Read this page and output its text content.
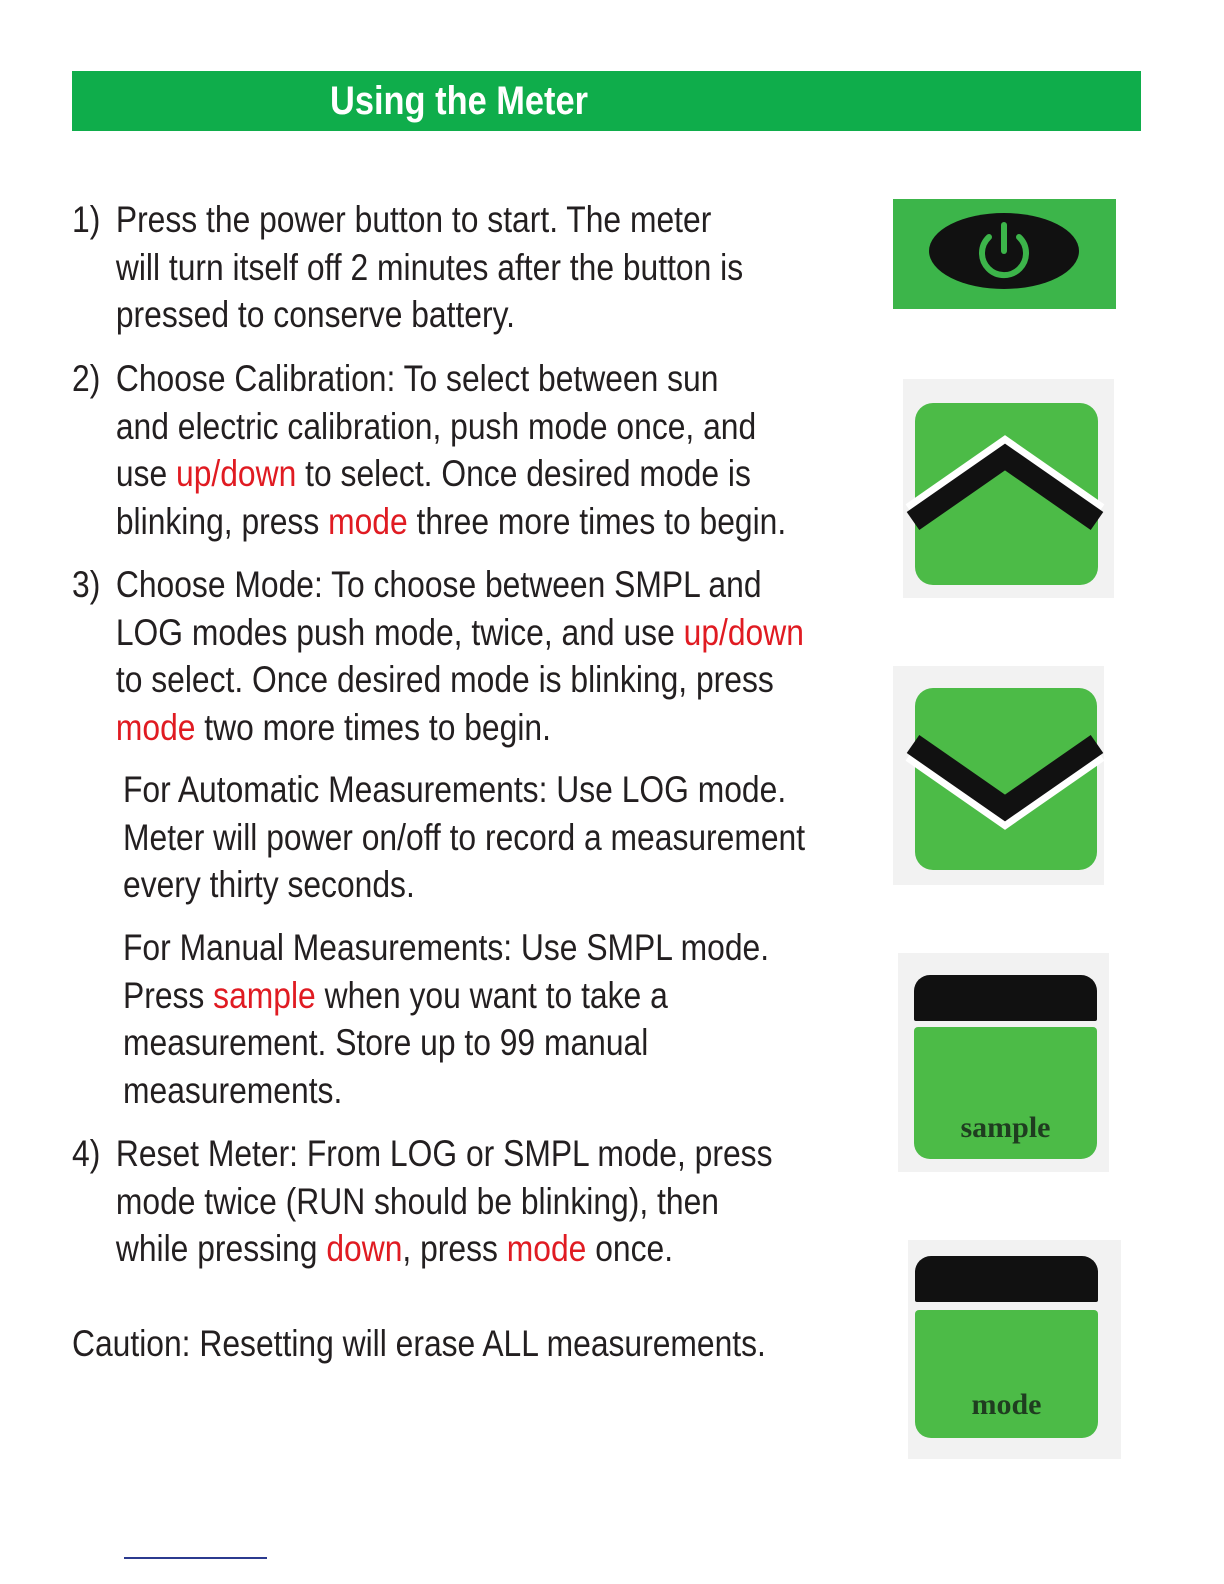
Using the Meter
1) Press the power button to start. The meter
will turn itself off 2 minutes after the button is
pressed to conserve battery.
2) Choose Calibration: To select between sun
and electric calibration, push mode once, and
use up/down to select. Once desired mode is
blinking, press mode three more times to begin.
3) Choose Mode: To choose between SMPL and
LOG modes push mode, twice, and use up/down
to select. Once desired mode is blinking, press
mode two more times to begin.
For Automatic Measurements: Use LOG mode.
Meter will power on/off to record a measurement
every thirty seconds.
For Manual Measurements: Use SMPL mode.
Press sample when you want to take a
measurement. Store up to 99 manual
measurements.
4) Reset Meter: From LOG or SMPL mode, press
mode twice (RUN should be blinking), then
while pressing down, press mode once.
Caution: Resetting will erase ALL measurements.
sample
mode
